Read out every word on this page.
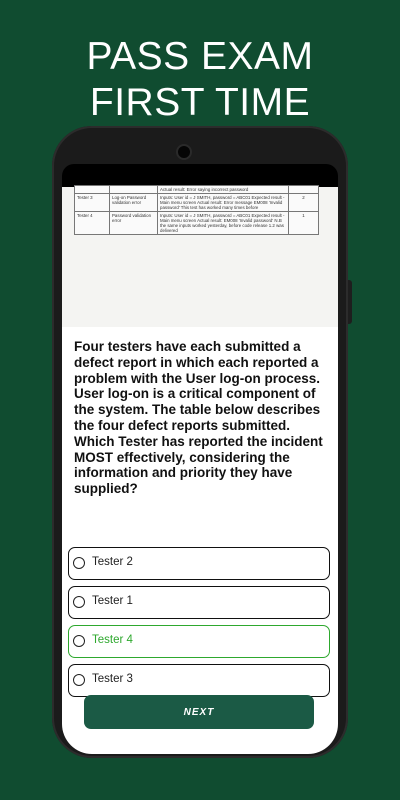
PASS EXAM
FIRST TIME
		Actual result: Error saying incorrect password	
Tester 3	Log-on Password validation error	Inputs: User id = J SMITH, password = ABC01 Expected result - Main menu screen Actual result: Error message EM008 'Invalid password' This test has worked many times before	2
Tester 4	Password validation error	Inputs: User id = J SMITH, password = ABC01 Expected result - Main menu screen Actual result: EM008 'Invalid password' N.B the same inputs worked yesterday, before code release 1.2 was delivered	1
Four testers have each submitted a defect report in which each reported a problem with the User log-on process. User log-on is a critical component of the system. The table below describes the four defect reports submitted. Which Tester has reported the incident MOST effectively, considering the information and priority they have supplied?
Tester 2
Tester 1
Tester 4
Tester 3
NEXT
